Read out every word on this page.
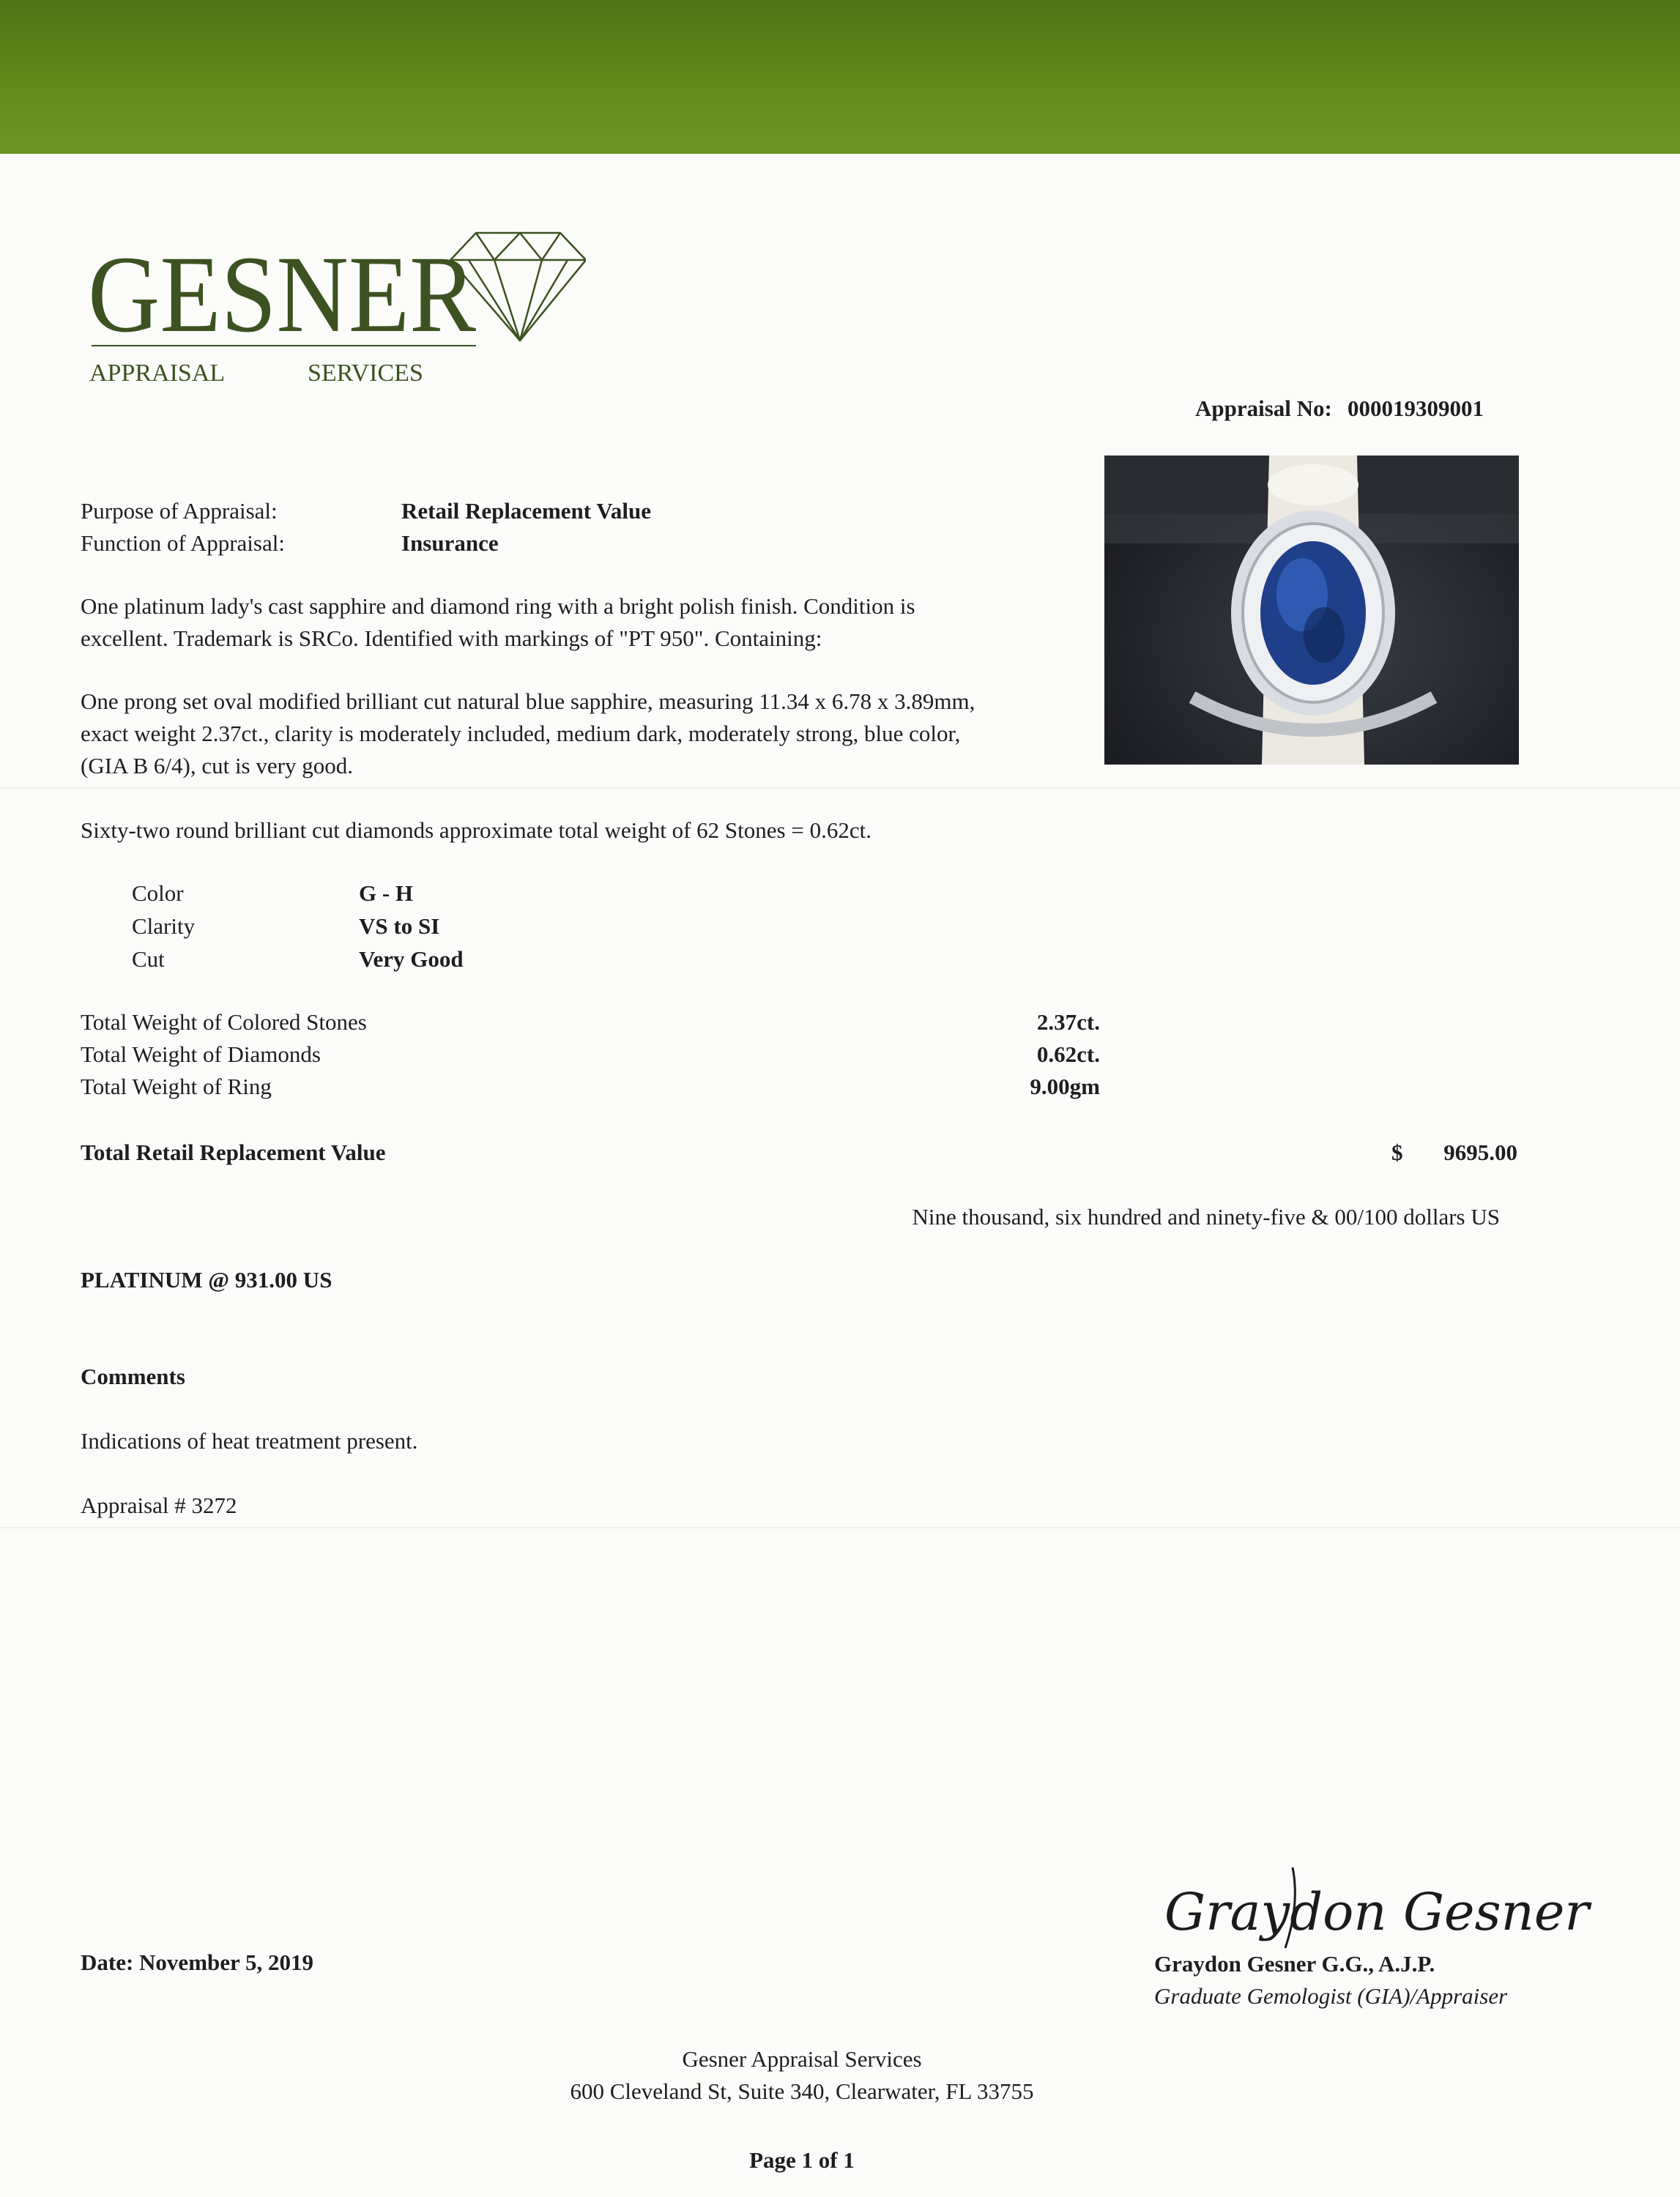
GESNER
APPRAISAL	SERVICES
Appraisal No: 000019309001
Purpose of Appraisal:	Retail Replacement Value
Function of Appraisal:	Insurance
One platinum lady's cast sapphire and diamond ring with a bright polish finish. Condition is excellent. Trademark is SRCo. Identified with markings of "PT 950". Containing:
One prong set oval modified brilliant cut natural blue sapphire, measuring 11.34 x 6.78 x 3.89mm, exact weight 2.37ct., clarity is moderately included, medium dark, moderately strong, blue color, (GIA B 6/4), cut is very good.
Sixty-two round brilliant cut diamonds approximate total weight of 62 Stones = 0.62ct.
Color	G - H
Clarity	VS to SI
Cut	Very Good
Total Weight of Colored Stones	2.37ct.
Total Weight of Diamonds	0.62ct.
Total Weight of Ring	9.00gm
Total Retail Replacement Value	$	9695.00
Nine thousand, six hundred and ninety-five & 00/100 dollars US
PLATINUM @ 931.00 US
Comments
Indications of heat treatment present.
Appraisal # 3272
Graydon Gesner
Date: November 5, 2019	Graydon Gesner G.G., A.J.P.
Graduate Gemologist (GIA)/Appraiser
Gesner Appraisal Services
600 Cleveland St, Suite 340, Clearwater, FL 33755
Page 1 of 1
